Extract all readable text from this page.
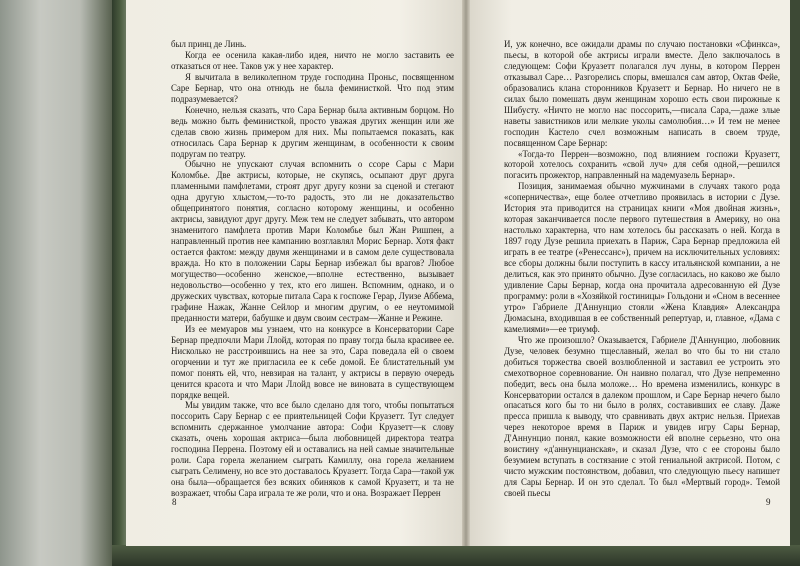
был принц де Линь.

Когда ее осенила какая-либо идея, ничто не могло заставить ее отказаться от нее. Таков уж у нее характер.

Я вычитала в великолепном труде господина Проньс, посвященном Саре Бернар, что она отнюдь не была феминисткой. Что под этим подразумевается?

Конечно, нельзя сказать, что Сара Бернар была активным борцом. Но ведь можно быть феминисткой, просто уважая других женщин или же сделав свою жизнь примером для них. Мы попытаемся показать, как относилась Сара Бернар к другим женщинам, в особенности к своим подругам по театру.

Обычно не упускают случая вспомнить о ссоре Сары с Мари Коломбье. Две актрисы, которые, не скупясь, осыпают друг друга пламенными памфлетами, строят друг другу козни за сценой и стегают одна другую хлыстом,—то-то радость, это ли не доказательство общепринятого понятия, согласно которому женщины, и особенно актрисы, завидуют друг другу. Меж тем не следует забывать, что автором знаменитого памфлета против Мари Коломбье был Жан Ришпен, а направленный против нее кампанию возглавлял Морис Бернар. Хотя факт остается фактом: между двумя женщинами и в самом деле существовала вражда. Но кто в положении Сары Бернар избежал бы врагов? Любое могущество—особенно женское,—вполне естественно, вызывает недовольство—особенно у тех, кто его лишен. Вспомним, однако, и о дружеских чувствах, которые питала Сара к госпоже Герар, Луизе Аббема, графине Нажак, Жанне Сейлор и многим другим, о ее неутомимой преданности матери, бабушке и двум своим сестрам—Жанне и Режине.

Из ее мемуаров мы узнаем, что на конкурсе в Консерватории Саре Бернар предпочли Мари Ллойд, которая по праву тогда была красивее ее. Нисколько не расстроившись на нее за это, Сара поведала ей о своем огорчении и тут же пригласила ее к себе домой. Ее блистательный ум помог понять ей, что, невзирая на талант, у актрисы в первую очередь ценится красота и что Мари Ллойд вовсе не виновата в существующем порядке вещей.

Мы увидим также, что все было сделано для того, чтобы попытаться поссорить Сару Бернар с ее приятельницей Софи Круазетт. Тут следует вспомнить сдержанное умолчание автора: Софи Круазетт—к слову сказать, очень хорошая актриса—была любовницей директора театра господина Перрена. Поэтому ей и оставались на ней самые значительные роли. Сара горела желанием сыграть Камиллу, она горела желанием сыграть Селимену, но все это доставалось Круазетт. Тогда Сара—такой уж она была—обращается без всяких обиняков к самой Круазетт, и та не возражает, чтобы Сара играла те же роли, что и она. Возражает Перрен

8

И, уж конечно, все ожидали драмы по случаю постановки «Сфинкса», пьесы, в которой обе актрисы играли вместе. Дело заключалось в следующем: Софи Круазетт полагался луч луны, в котором Перрен отказывал Саре… Разгорелись споры, вмешался сам автор, Октав Фейе, образовались клана сторонников Круазетт и Бернар. Но ничего не в силах было помешать двум женщинам хорошо есть свои пирожные к Шибусту. «Ничто не могло нас поссорить,—писала Сара,—даже злые наветы завистников или мелкие уколы самолюбия…» И тем не менее господин Кастело счел возможным написать в своем труде, посвященном Саре Бернар:

«Тогда-то Перрен—возможно, под влиянием госпожи Круазетт, которой хотелось сохранить «свой луч» для себя одной,—решился погасить прожектор, направленный на мадемуазель Бернар».

Позиция, занимаемая обычно мужчинами в случаях такого рода «соперничества», еще более отчетливо проявилась в истории с Дузе. История эта приводится на страницах книги «Моя двойная жизнь», которая заканчивается после первого путешествия в Америку, но она настолько характерна, что нам хотелось бы рассказать о ней. Когда в 1897 году Дузе решила приехать в Париж, Сара Бернар предложила ей играть в ее театре («Ренессанс»), причем на исключительных условиях: все сборы должны были поступить в кассу итальянской компании, а не делиться, как это принято обычно. Дузе согласилась, но каково же было удивление Сары Бернар, когда она прочитала адресованную ей Дузе программу: роли в «Хозяйкой гостиницы» Гольдони и «Сном в весеннее утро» Габриеле Д'Аннунцио стояли «Жена Клавдия» Александра Дюмасына, входившая в ее собственный репертуар, и, главное, «Дама с камелиями»—ее триумф.

Что же произошло? Оказывается, Габриеле Д'Аннунцио, любовник Дузе, человек безумно тщеславный, желал во что бы то ни стало добиться торжества своей возлюбленной и заставил ее устроить это смехотворное соревнование. Он наивно полагал, что Дузе непременно победит, весь она была моложе… Но времена изменились, конкурс в Консерватории остался в далеком прошлом, и Саре Бернар нечего было опасаться кого бы то ни было в ролях, составивших ее славу. Даже пресса пришла к выводу, что сравнивать двух актрис нельзя. Приехав через некоторое время в Париж и увидев игру Сары Бернар, Д'Аннунцио понял, какие возможности ей вполне серьезно, что она воистину «д'аннунцианская», и сказал Дузе, что с ее стороны было безумием вступать в состязание с этой гениальной актрисой. Потом, с чисто мужским постоянством, добавил, что следующую пьесу напишет для Сары Бернар. И он это сделал. То был «Мертвый город». Темой своей пьесы

9
